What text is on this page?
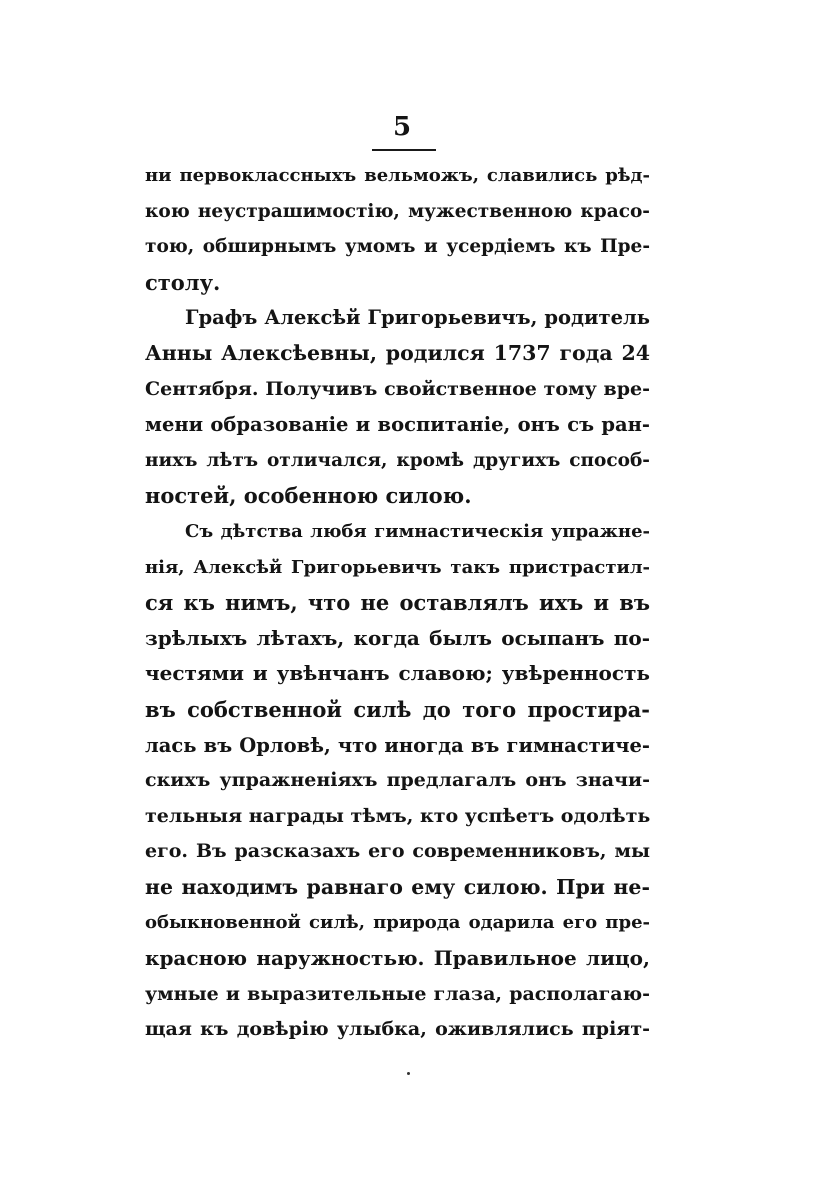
5
ни первоклассныхъ вельможъ, славились рѣд-
кою неустрашимостію, мужественною красо-
тою, обширнымъ умомъ и усердіемъ къ Пре-
столу.
Графъ Алексѣй Григорьевичъ, родитель
Анны Алексѣевны, родился 1737 года 24
Сентября. Получивъ свойственное тому вре-
мени образованіе и воспитаніе, онъ съ ран-
нихъ лѣтъ отличался, кромѣ другихъ способ-
ностей, особенною силою.
Съ дѣтства любя гимнастическія упражне-
нія, Алексѣй Григорьевичъ такъ пристрастил-
ся къ нимъ, что не оставлялъ ихъ и въ
зрѣлыхъ лѣтахъ, когда былъ осыпанъ по-
честями и увѣнчанъ славою; увѣренность
въ собственной силѣ до того простира-
лась въ Орловѣ, что иногда въ гимнастиче-
скихъ упражненіяхъ предлагалъ онъ значи-
тельныя награды тѣмъ, кто успѣетъ одолѣть
его. Въ разсказахъ его современниковъ, мы
не находимъ равнаго ему силою. При не-
обыкновенной силѣ, природа одарила его пре-
красною наружностью. Правильное лицо,
умные и выразительные глаза, располагаю-
щая къ довѣрію улыбка, оживлялись пріят-
